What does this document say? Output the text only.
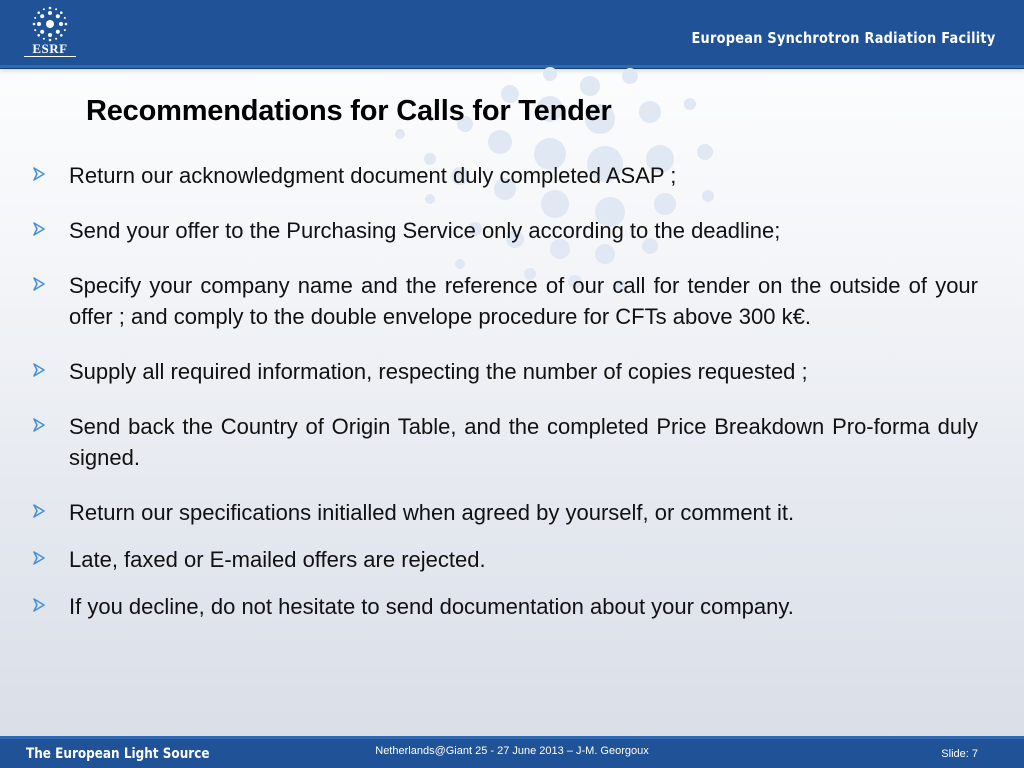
ESRF
European Synchrotron Radiation Facility
Recommendations for Calls for Tender
Return our acknowledgment document duly completed ASAP ;
Send your offer to the Purchasing Service only according to the deadline;
Specify your company name and the reference of our call for tender on the outside of your offer ; and comply to the double envelope procedure for CFTs above 300 k€.
Supply all required information, respecting the number of copies requested ;
Send back the Country of Origin Table, and the completed Price Breakdown Pro-forma duly signed.
Return our specifications initialled when agreed by yourself, or comment it.
Late, faxed or E-mailed offers are rejected.
If you decline, do not hesitate to send documentation about your company.
The European Light Source	Netherlands@Giant 25 - 27 June 2013 – J-M. Georgoux	Slide: 7
